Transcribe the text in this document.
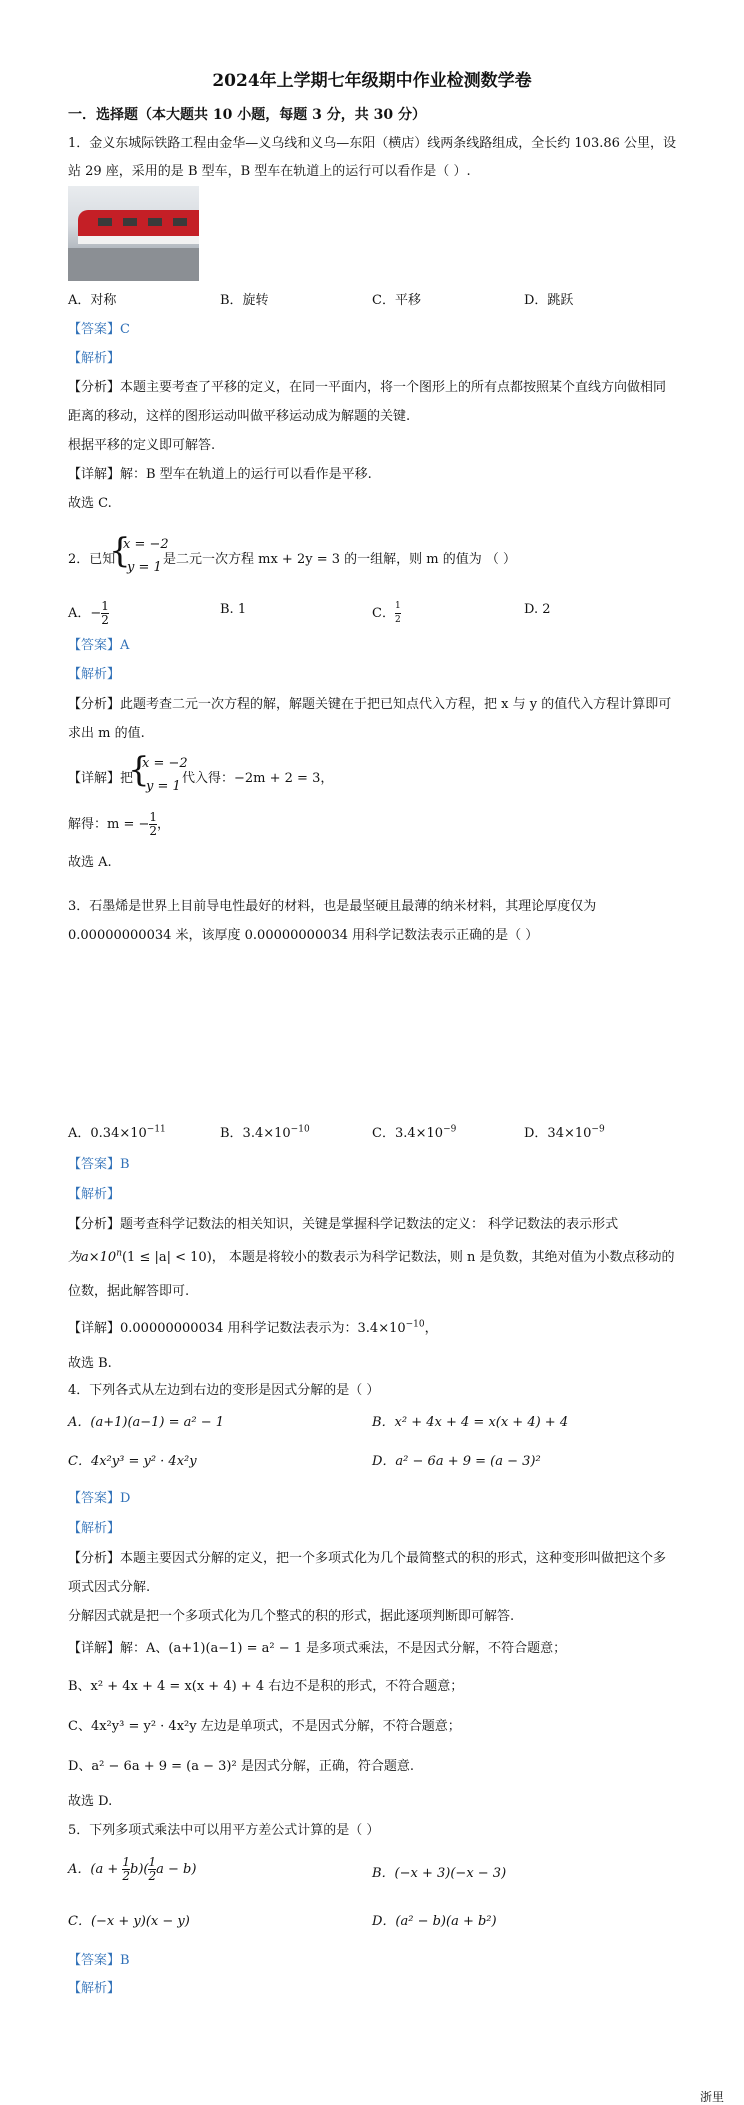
2024年上学期七年级期中作业检测数学卷
一．选择题（本大题共 10 小题，每题 3 分，共 30 分）
1．金义东城际铁路工程由金华—义乌线和义乌—东阳（横店）线两条线路组成，全长约 103.86 公里，设
站 29 座，采用的是 B 型车，B 型车在轨道上的运行可以看作是（ ）.
A．对称	B．旋转	C．平移	D．跳跃
【答案】C
【解析】
【分析】本题主要考查了平移的定义，在同一平面内，将一个图形上的所有点都按照某个直线方向做相同
距离的移动，这样的图形运动叫做平移运动成为解题的关键.
根据平移的定义即可解答.
【详解】解：B 型车在轨道上的运行可以看作是平移.
故选 C.
2．已知
{
x = −2
y = 1
是二元一次方程 mx + 2y = 3 的一组解，则 m 的值为 （ ）
A．− $\frac{1}{2}$	B. 1	C． $\frac{1}{2}$	D. 2
【答案】A
【解析】
【分析】此题考查二元一次方程的解，解题关键在于把已知点代入方程，把 x 与 y 的值代入方程计算即可
求出 m 的值.
【详解】把
{
x = −2
y = 1
代入得：−2m + 2 = 3，
解得：m = − $\frac{1}{2}$ ，
故选 A.
3．石墨烯是世界上目前导电性最好的材料，也是最坚硬且最薄的纳米材料，其理论厚度仅为
0.00000000034 米，该厚度 0.00000000034 用科学记数法表示正确的是（ ）
A．$0.34\times 10^{-11}$	B．$3.4\times 10^{-10}$	C．$3.4\times 10^{-9}$	D．$34\times 10^{-9}$
【答案】B
【解析】
【分析】题考查科学记数法的相关知识，关键是掌握科学记数法的定义： 科学记数法的表示形式
为$a\times 10^n(1 \le |a| < 10)$， 本题是将较小的数表示为科学记数法，则 n 是负数，其绝对值为小数点移动的
位数，据此解答即可.
【详解】0.00000000034 用科学记数法表示为：$3.4\times 10^{-10}$，
故选 B.
4．下列各式从左边到右边的变形是因式分解的是（ ）
A．(a+1)(a−1) = a² − 1	B．x² + 4x + 4 = x(x + 4) + 4
C．4x²y³ = y² · 4x²y	D．a² − 6a + 9 = (a − 3)²
【答案】D
【解析】
【分析】本题主要因式分解的定义，把一个多项式化为几个最简整式的积的形式，这种变形叫做把这个多
项式因式分解.
分解因式就是把一个多项式化为几个整式的积的形式，据此逐项判断即可解答.
【详解】解：A、(a+1)(a−1) = a² − 1 是多项式乘法，不是因式分解，不符合题意；
B、x² + 4x + 4 = x(x + 4) + 4 右边不是积的形式，不符合题意；
C、4x²y³ = y² · 4x²y 左边是单项式，不是因式分解，不符合题意；
D、a² − 6a + 9 = (a − 3)² 是因式分解，正确，符合题意.
故选 D.
5．下列多项式乘法中可以用平方差公式计算的是（ ）
A．$(a + \frac{1}{2} b)( \frac{1}{2}$ a − b)	B．(−x + 3)(−x − 3)
C．(−x + y)(x − y)	D．(a² − b)(a + b²)
【答案】B
【解析】
浙里
